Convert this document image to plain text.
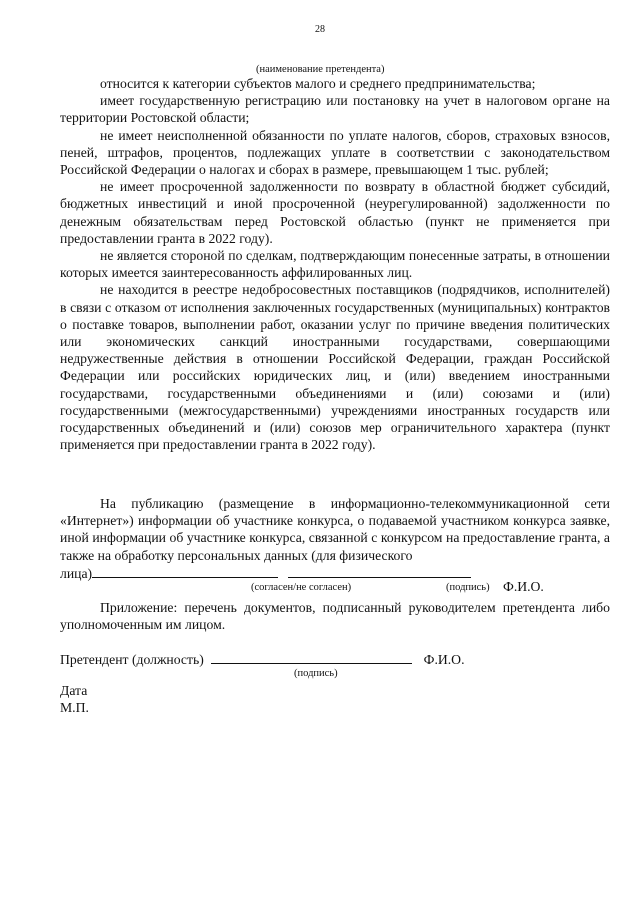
28
(наименование претендента)

относится к категории субъектов малого и среднего предпринимательства;

имеет государственную регистрацию или постановку на учет в налоговом органе на территории Ростовской области;

не имеет неисполненной обязанности по уплате налогов, сборов, страховых взносов, пеней, штрафов, процентов, подлежащих уплате в соответствии с законодательством Российской Федерации о налогах и сборах в размере, превышающем 1 тыс. рублей;

не имеет просроченной задолженности по возврату в областной бюджет субсидий, бюджетных инвестиций и иной просроченной (неурегулированной) задолженности по денежным обязательствам перед Ростовской областью (пункт не применяется при предоставлении гранта в 2022 году).

не является стороной по сделкам, подтверждающим понесенные затраты, в отношении которых имеется заинтересованность аффилированных лиц.

не находится в реестре недобросовестных поставщиков (подрядчиков, исполнителей) в связи с отказом от исполнения заключенных государственных (муниципальных) контрактов о поставке товаров, выполнении работ, оказании услуг по причине введения политических или экономических санкций иностранными государствами, совершающими недружественные действия в отношении Российской Федерации, граждан Российской Федерации или российских юридических лиц, и (или) введением иностранными государствами, государственными объединениями и (или) союзами и (или) государственными (межгосударственными) учреждениями иностранных государств или государственных объединений и (или) союзов мер ограничительного характера (пункт применяется при предоставлении гранта в 2022 году).

На публикацию (размещение в информационно-телекоммуникационной сети «Интернет») информации об участнике конкурса, о подаваемой участником конкурса заявке, иной информации об участнике конкурса, связанной с конкурсом на предоставление гранта, а также на обработку персональных данных (для физического

лица)
(согласен/не согласен)	(подпись) Ф.И.О.

Приложение: перечень документов, подписанный руководителем претендента либо уполномоченным им лицом.

Претендент (должность)	Ф.И.О.
(подпись)
Дата
М.П.
